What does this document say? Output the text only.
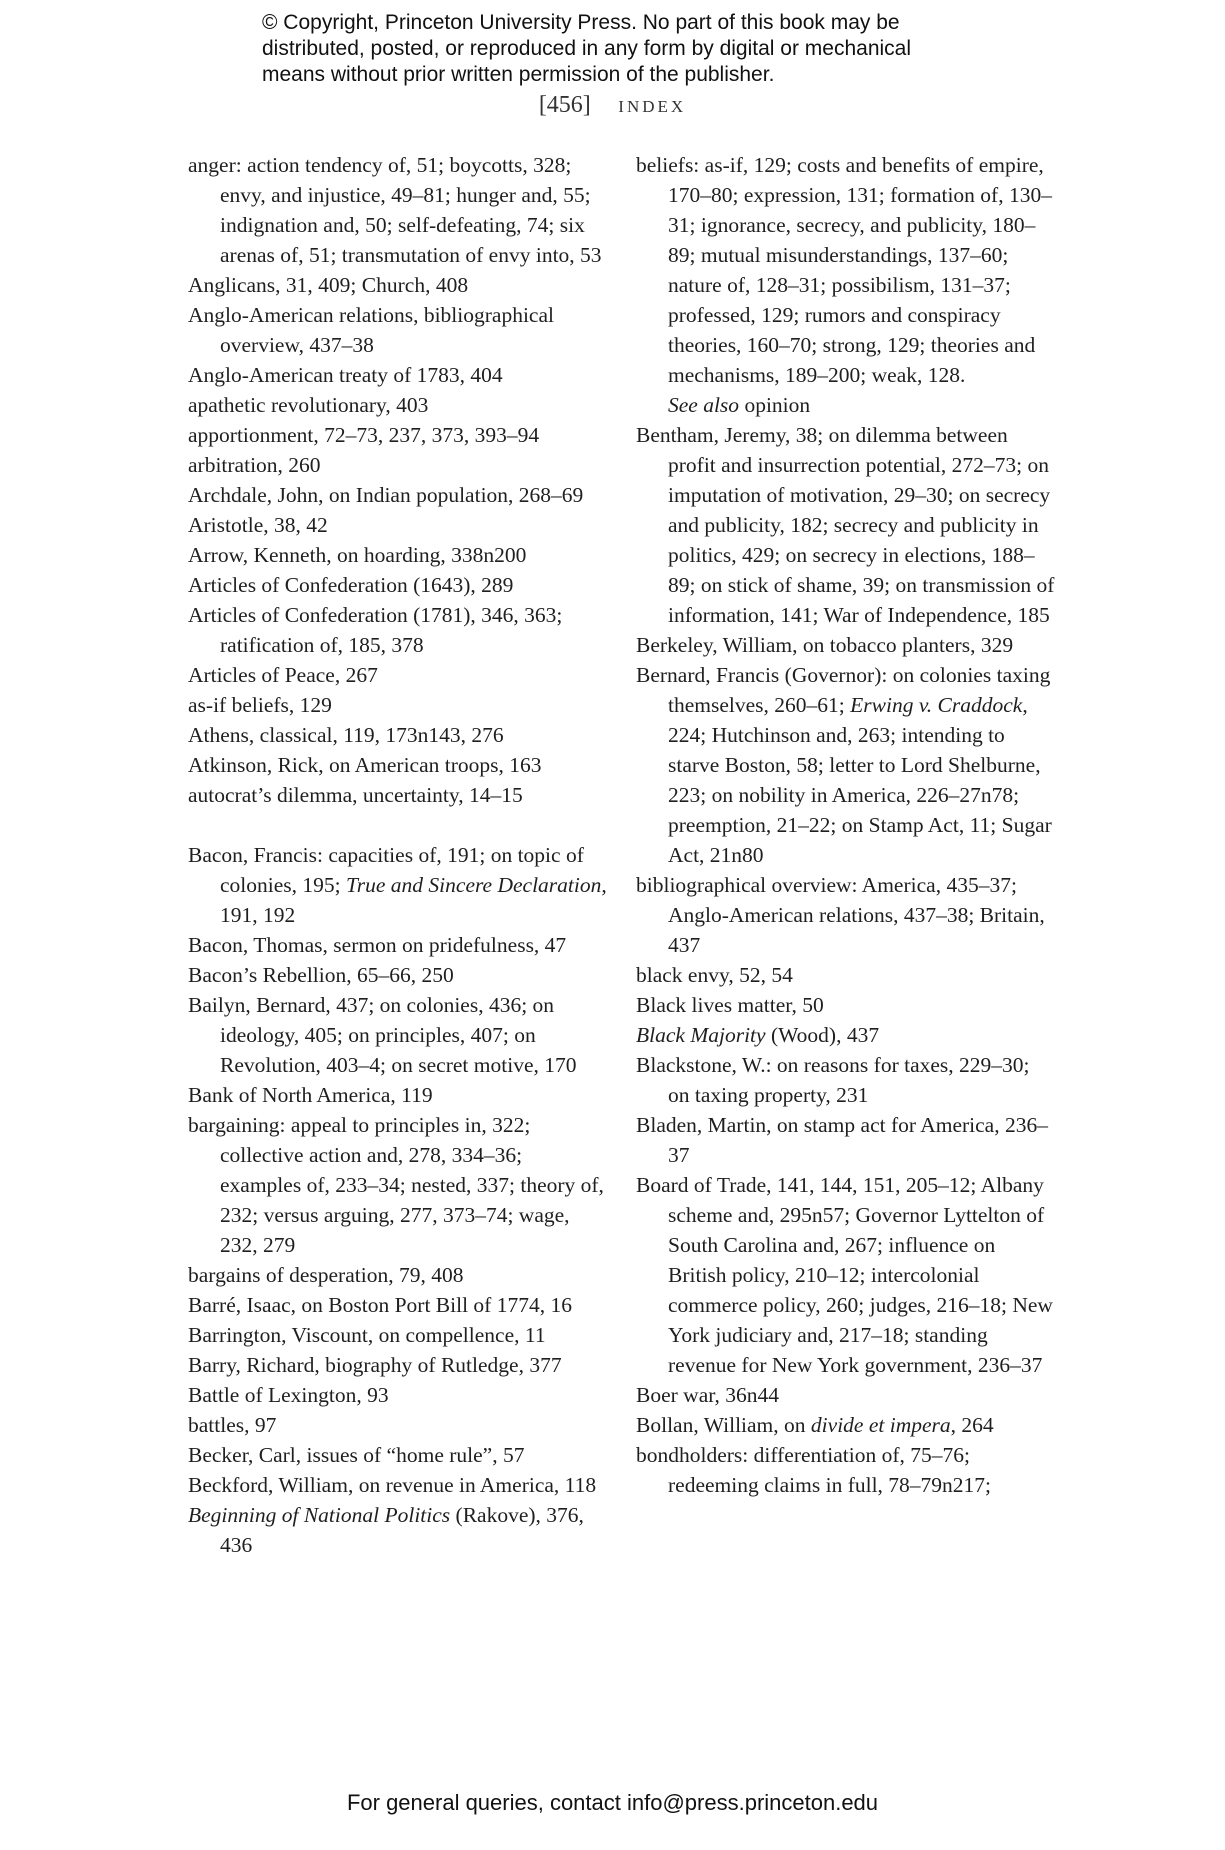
© Copyright, Princeton University Press. No part of this book may be
distributed, posted, or reproduced in any form by digital or mechanical
means without prior written permission of the publisher.
[456] INDEX
anger: action tendency of, 51; boycotts, 328; envy, and injustice, 49–81; hunger and, 55; indignation and, 50; self-defeating, 74; six arenas of, 51; transmutation of envy into, 53
Anglicans, 31, 409; Church, 408
Anglo-American relations, bibliographical overview, 437–38
Anglo-American treaty of 1783, 404
apathetic revolutionary, 403
apportionment, 72–73, 237, 373, 393–94
arbitration, 260
Archdale, John, on Indian population, 268–69
Aristotle, 38, 42
Arrow, Kenneth, on hoarding, 338n200
Articles of Confederation (1643), 289
Articles of Confederation (1781), 346, 363; ratification of, 185, 378
Articles of Peace, 267
as-if beliefs, 129
Athens, classical, 119, 173n143, 276
Atkinson, Rick, on American troops, 163
autocrat’s dilemma, uncertainty, 14–15
Bacon, Francis: capacities of, 191; on topic of colonies, 195; True and Sincere Declaration, 191, 192
Bacon, Thomas, sermon on pridefulness, 47
Bacon’s Rebellion, 65–66, 250
Bailyn, Bernard, 437; on colonies, 436; on ideology, 405; on principles, 407; on Revolution, 403–4; on secret motive, 170
Bank of North America, 119
bargaining: appeal to principles in, 322; collective action and, 278, 334–36; examples of, 233–34; nested, 337; theory of, 232; versus arguing, 277, 373–74; wage, 232, 279
bargains of desperation, 79, 408
Barré, Isaac, on Boston Port Bill of 1774, 16
Barrington, Viscount, on compellence, 11
Barry, Richard, biography of Rutledge, 377
Battle of Lexington, 93
battles, 97
Becker, Carl, issues of “home rule”, 57
Beckford, William, on revenue in America, 118
Beginning of National Politics (Rakove), 376, 436
beliefs: as-if, 129; costs and benefits of empire, 170–80; expression, 131; formation of, 130–31; ignorance, secrecy, and publicity, 180–89; mutual misunderstandings, 137–60; nature of, 128–31; possibilism, 131–37; professed, 129; rumors and conspiracy theories, 160–70; strong, 129; theories and mechanisms, 189–200; weak, 128.
See also opinion
Bentham, Jeremy, 38; on dilemma between profit and insurrection potential, 272–73; on imputation of motivation, 29–30; on secrecy and publicity, 182; secrecy and publicity in politics, 429; on secrecy in elections, 188–89; on stick of shame, 39; on transmission of information, 141; War of Independence, 185
Berkeley, William, on tobacco planters, 329
Bernard, Francis (Governor): on colonies taxing themselves, 260–61; Erwing v. Craddock, 224; Hutchinson and, 263; intending to starve Boston, 58; letter to Lord Shelburne, 223; on nobility in America, 226–27n78; preemption, 21–22; on Stamp Act, 11; Sugar Act, 21n80
bibliographical overview: America, 435–37; Anglo-American relations, 437–38; Britain, 437
black envy, 52, 54
Black lives matter, 50
Black Majority (Wood), 437
Blackstone, W.: on reasons for taxes, 229–30; on taxing property, 231
Bladen, Martin, on stamp act for America, 236–37
Board of Trade, 141, 144, 151, 205–12; Albany scheme and, 295n57; Governor Lyttelton of South Carolina and, 267; influence on British policy, 210–12; intercolonial commerce policy, 260; judges, 216–18; New York judiciary and, 217–18; standing revenue for New York government, 236–37
Boer war, 36n44
Bollan, William, on divide et impera, 264
bondholders: differentiation of, 75–76; redeeming claims in full, 78–79n217;
For general queries, contact info@press.princeton.edu
